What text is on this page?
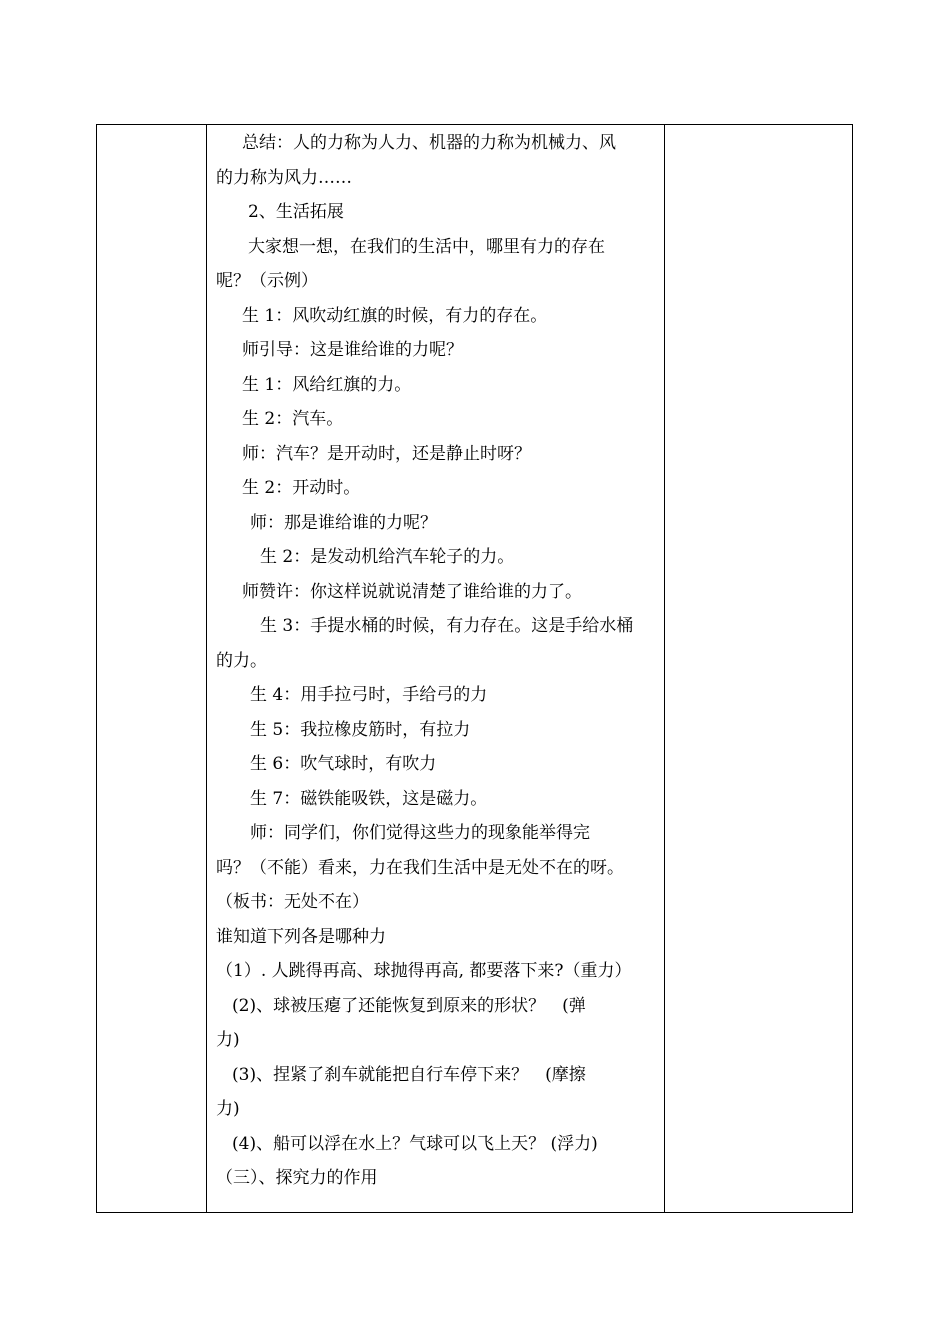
总结：人的力称为人力、机器的力称为机械力、风
的力称为风力……
2、生活拓展
大家想一想，在我们的生活中，哪里有力的存在
呢？（示例）
生 1：风吹动红旗的时候，有力的存在。
师引导：这是谁给谁的力呢？
生 1：风给红旗的力。
生 2：汽车。
师：汽车？是开动时，还是静止时呀？
生 2：开动时。
师：那是谁给谁的力呢？
生 2：是发动机给汽车轮子的力。
师赞许：你这样说就说清楚了谁给谁的力了。
生 3：手提水桶的时候，有力存在。这是手给水桶
的力。
生 4：用手拉弓时，手给弓的力
生 5：我拉橡皮筋时，有拉力
生 6：吹气球时，有吹力
生 7：磁铁能吸铁，这是磁力。
师：同学们，你们觉得这些力的现象能举得完
吗？（不能）看来，力在我们生活中是无处不在的呀。
（板书：无处不在）
谁知道下列各是哪种力
（1）. 人跳得再高、球抛得再高, 都要落下来?（重力）
(2)、球被压瘪了还能恢复到原来的形状？　(弹
力)
(3)、捏紧了刹车就能把自行车停下来？　(摩擦
力)
(4)、船可以浮在水上？气球可以飞上天？ (浮力)
（三）、探究力的作用
